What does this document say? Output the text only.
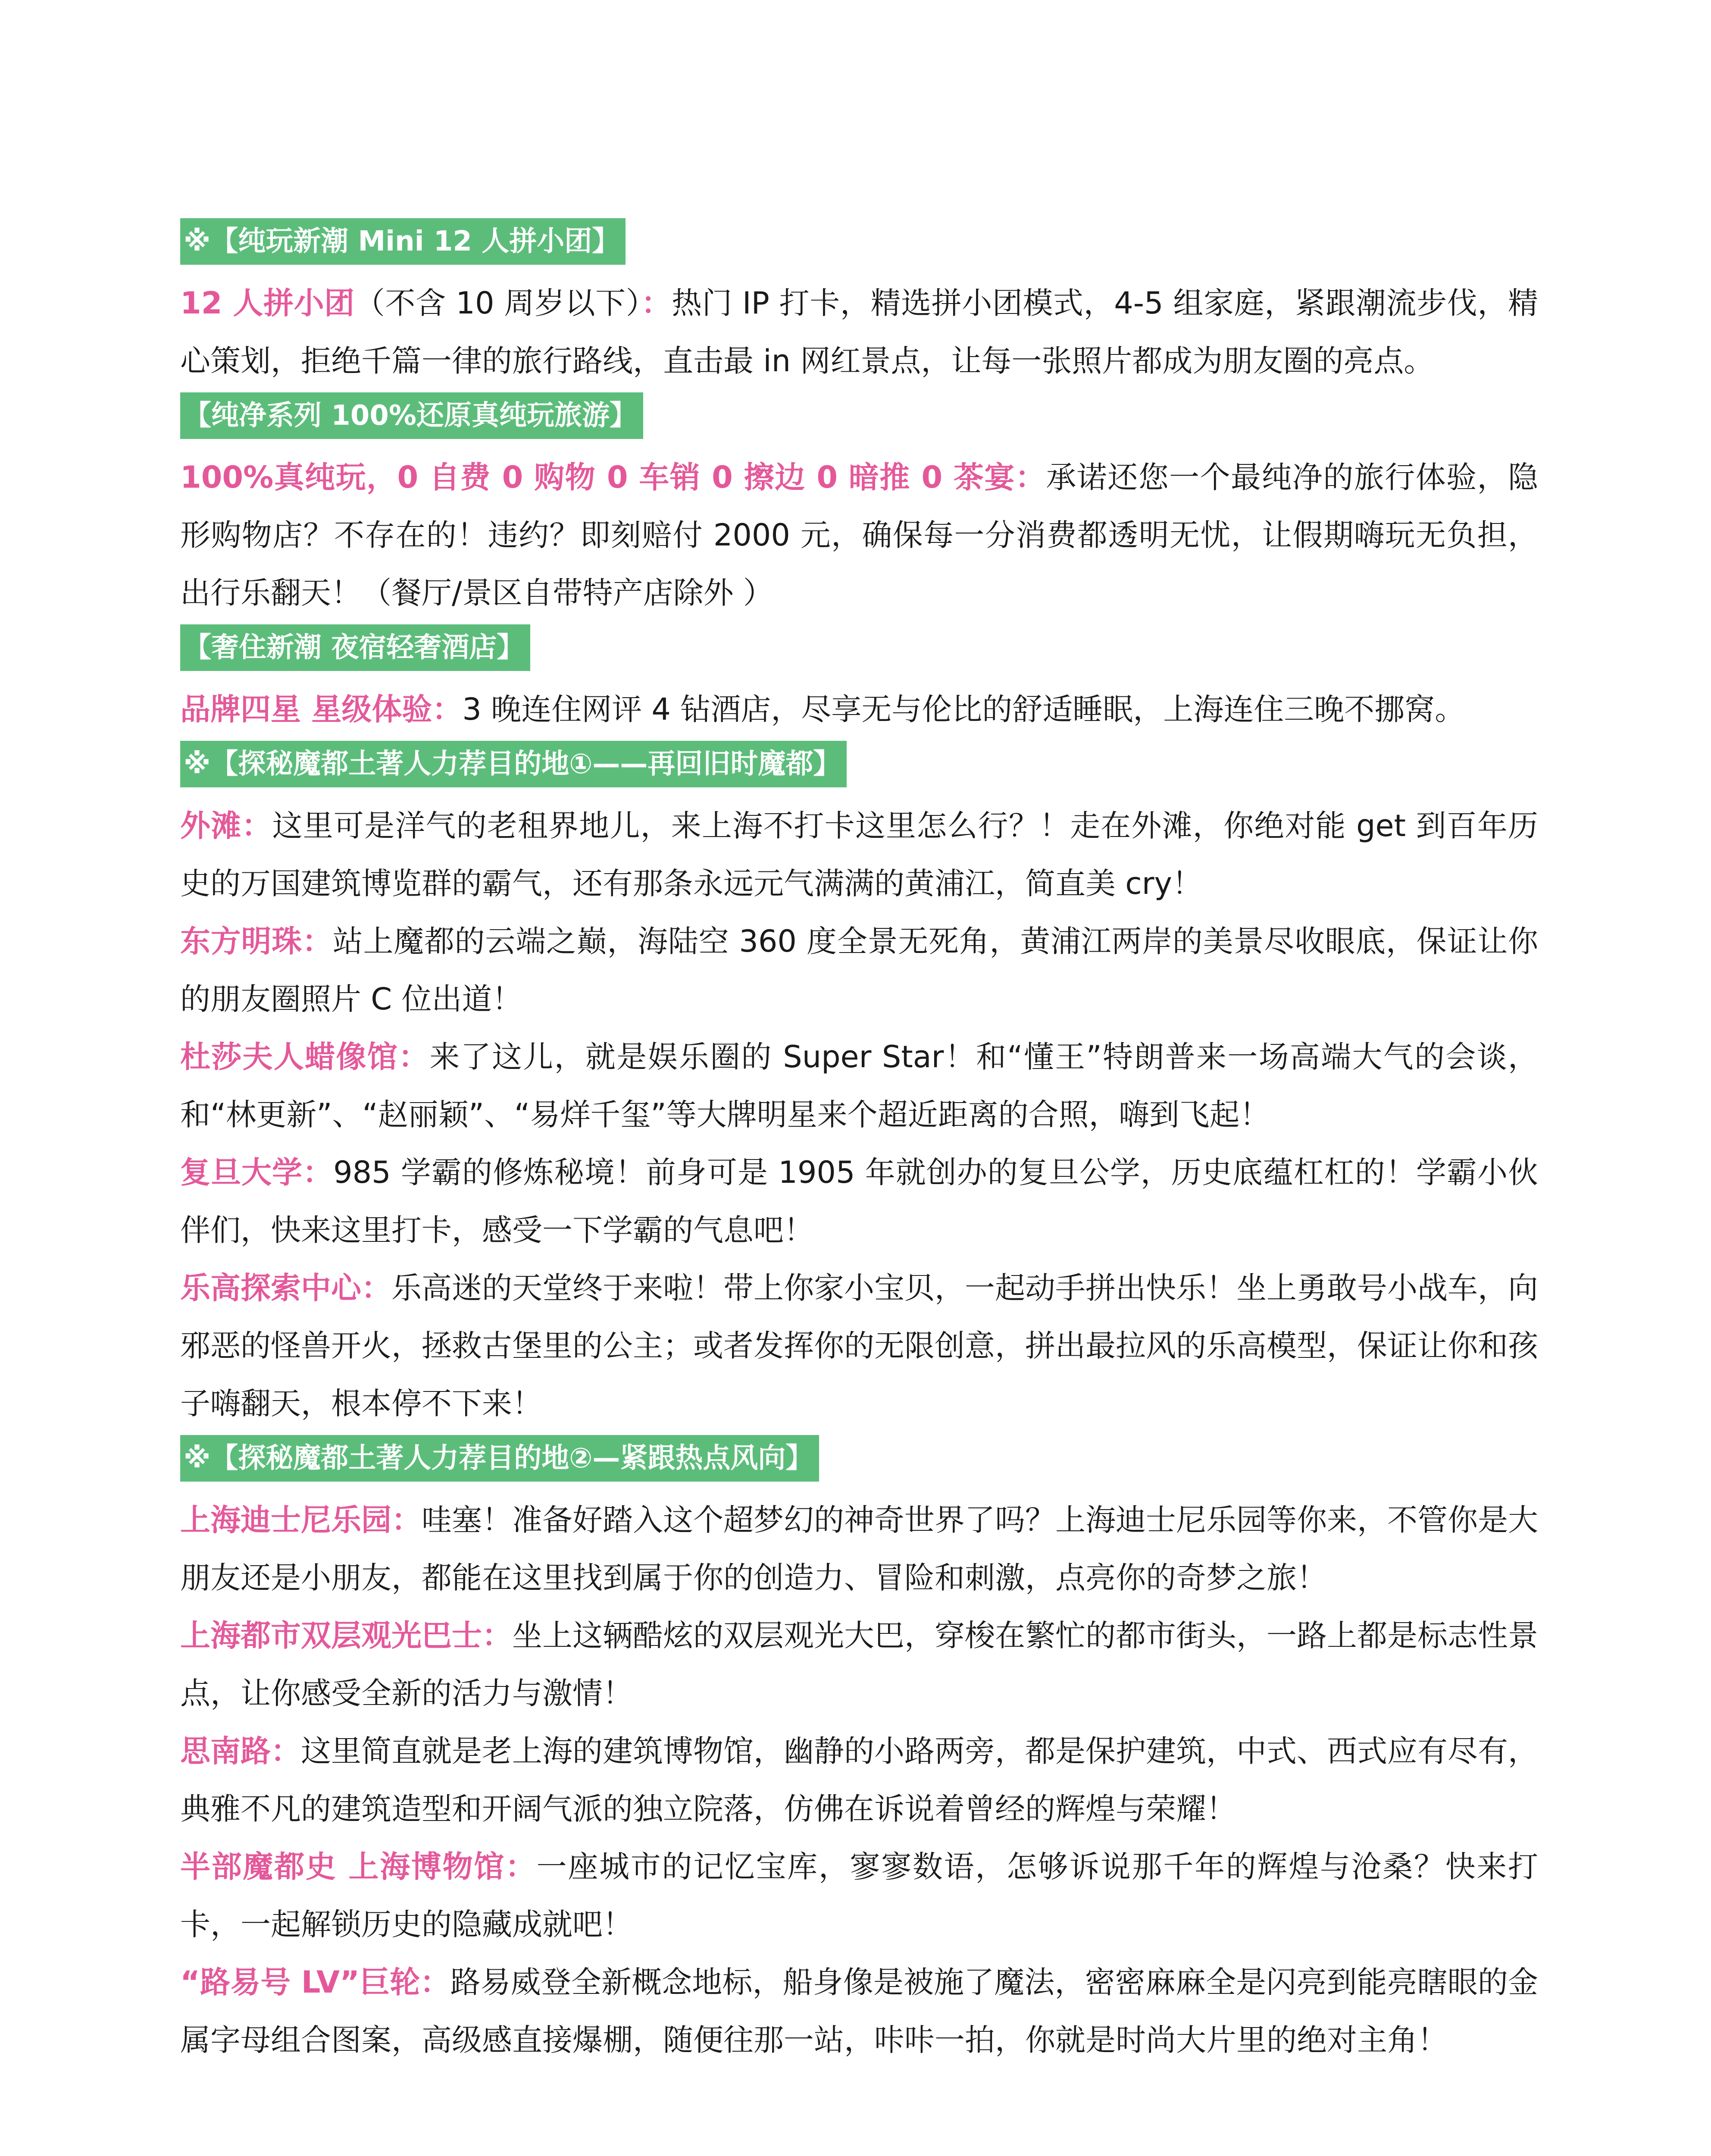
※【纯玩新潮 Mini 12 人拼小团】

12 人拼小团（不含 10 周岁以下）：热门 IP 打卡，精选拼小团模式，4-5 组家庭，紧跟潮流步伐，精心策划，拒绝千篇一律的旅行路线，直击最 in 网红景点，让每一张照片都成为朋友圈的亮点。

【纯净系列 100%还原真纯玩旅游】

100%真纯玩，0 自费 0 购物 0 车销 0 擦边 0 暗推 0 茶宴：承诺还您一个最纯净的旅行体验，隐形购物店？不存在的！违约？即刻赔付 2000 元，确保每一分消费都透明无忧，让假期嗨玩无负担，出行乐翻天！（餐厅/景区自带特产店除外 ）

【奢住新潮 夜宿轻奢酒店】

品牌四星 星级体验：3 晚连住网评 4 钻酒店，尽享无与伦比的舒适睡眠，上海连住三晚不挪窝。

※【探秘魔都土著人力荐目的地①——再回旧时魔都】

外滩：这里可是洋气的老租界地儿，来上海不打卡这里怎么行？！走在外滩，你绝对能 get 到百年历史的万国建筑博览群的霸气，还有那条永远元气满满的黄浦江，简直美 cry！

东方明珠：站上魔都的云端之巅，海陆空 360 度全景无死角，黄浦江两岸的美景尽收眼底，保证让你的朋友圈照片 C 位出道！

杜莎夫人蜡像馆：来了这儿，就是娱乐圈的 Super Star！和“懂王”特朗普来一场高端大气的会谈，和“林更新”、“赵丽颖”、“易烊千玺”等大牌明星来个超近距离的合照，嗨到飞起！

复旦大学：985 学霸的修炼秘境！前身可是 1905 年就创办的复旦公学，历史底蕴杠杠的！学霸小伙伴们，快来这里打卡，感受一下学霸的气息吧！

乐高探索中心：乐高迷的天堂终于来啦！带上你家小宝贝，一起动手拼出快乐！坐上勇敢号小战车，向邪恶的怪兽开火，拯救古堡里的公主；或者发挥你的无限创意，拼出最拉风的乐高模型，保证让你和孩子嗨翻天，根本停不下来！

※【探秘魔都土著人力荐目的地②—紧跟热点风向】

上海迪士尼乐园：哇塞！准备好踏入这个超梦幻的神奇世界了吗？上海迪士尼乐园等你来，不管你是大朋友还是小朋友，都能在这里找到属于你的创造力、冒险和刺激，点亮你的奇梦之旅！

上海都市双层观光巴士：坐上这辆酷炫的双层观光大巴，穿梭在繁忙的都市街头，一路上都是标志性景点，让你感受全新的活力与激情！

思南路：这里简直就是老上海的建筑博物馆，幽静的小路两旁，都是保护建筑，中式、西式应有尽有，典雅不凡的建筑造型和开阔气派的独立院落，仿佛在诉说着曾经的辉煌与荣耀！

半部魔都史 上海博物馆：一座城市的记忆宝库，寥寥数语，怎够诉说那千年的辉煌与沧桑？快来打卡，一起解锁历史的隐藏成就吧！

“路易号 LV”巨轮：路易威登全新概念地标，船身像是被施了魔法，密密麻麻全是闪亮到能亮瞎眼的金属字母组合图案，高级感直接爆棚，随便往那一站，咔咔一拍，你就是时尚大片里的绝对主角！
